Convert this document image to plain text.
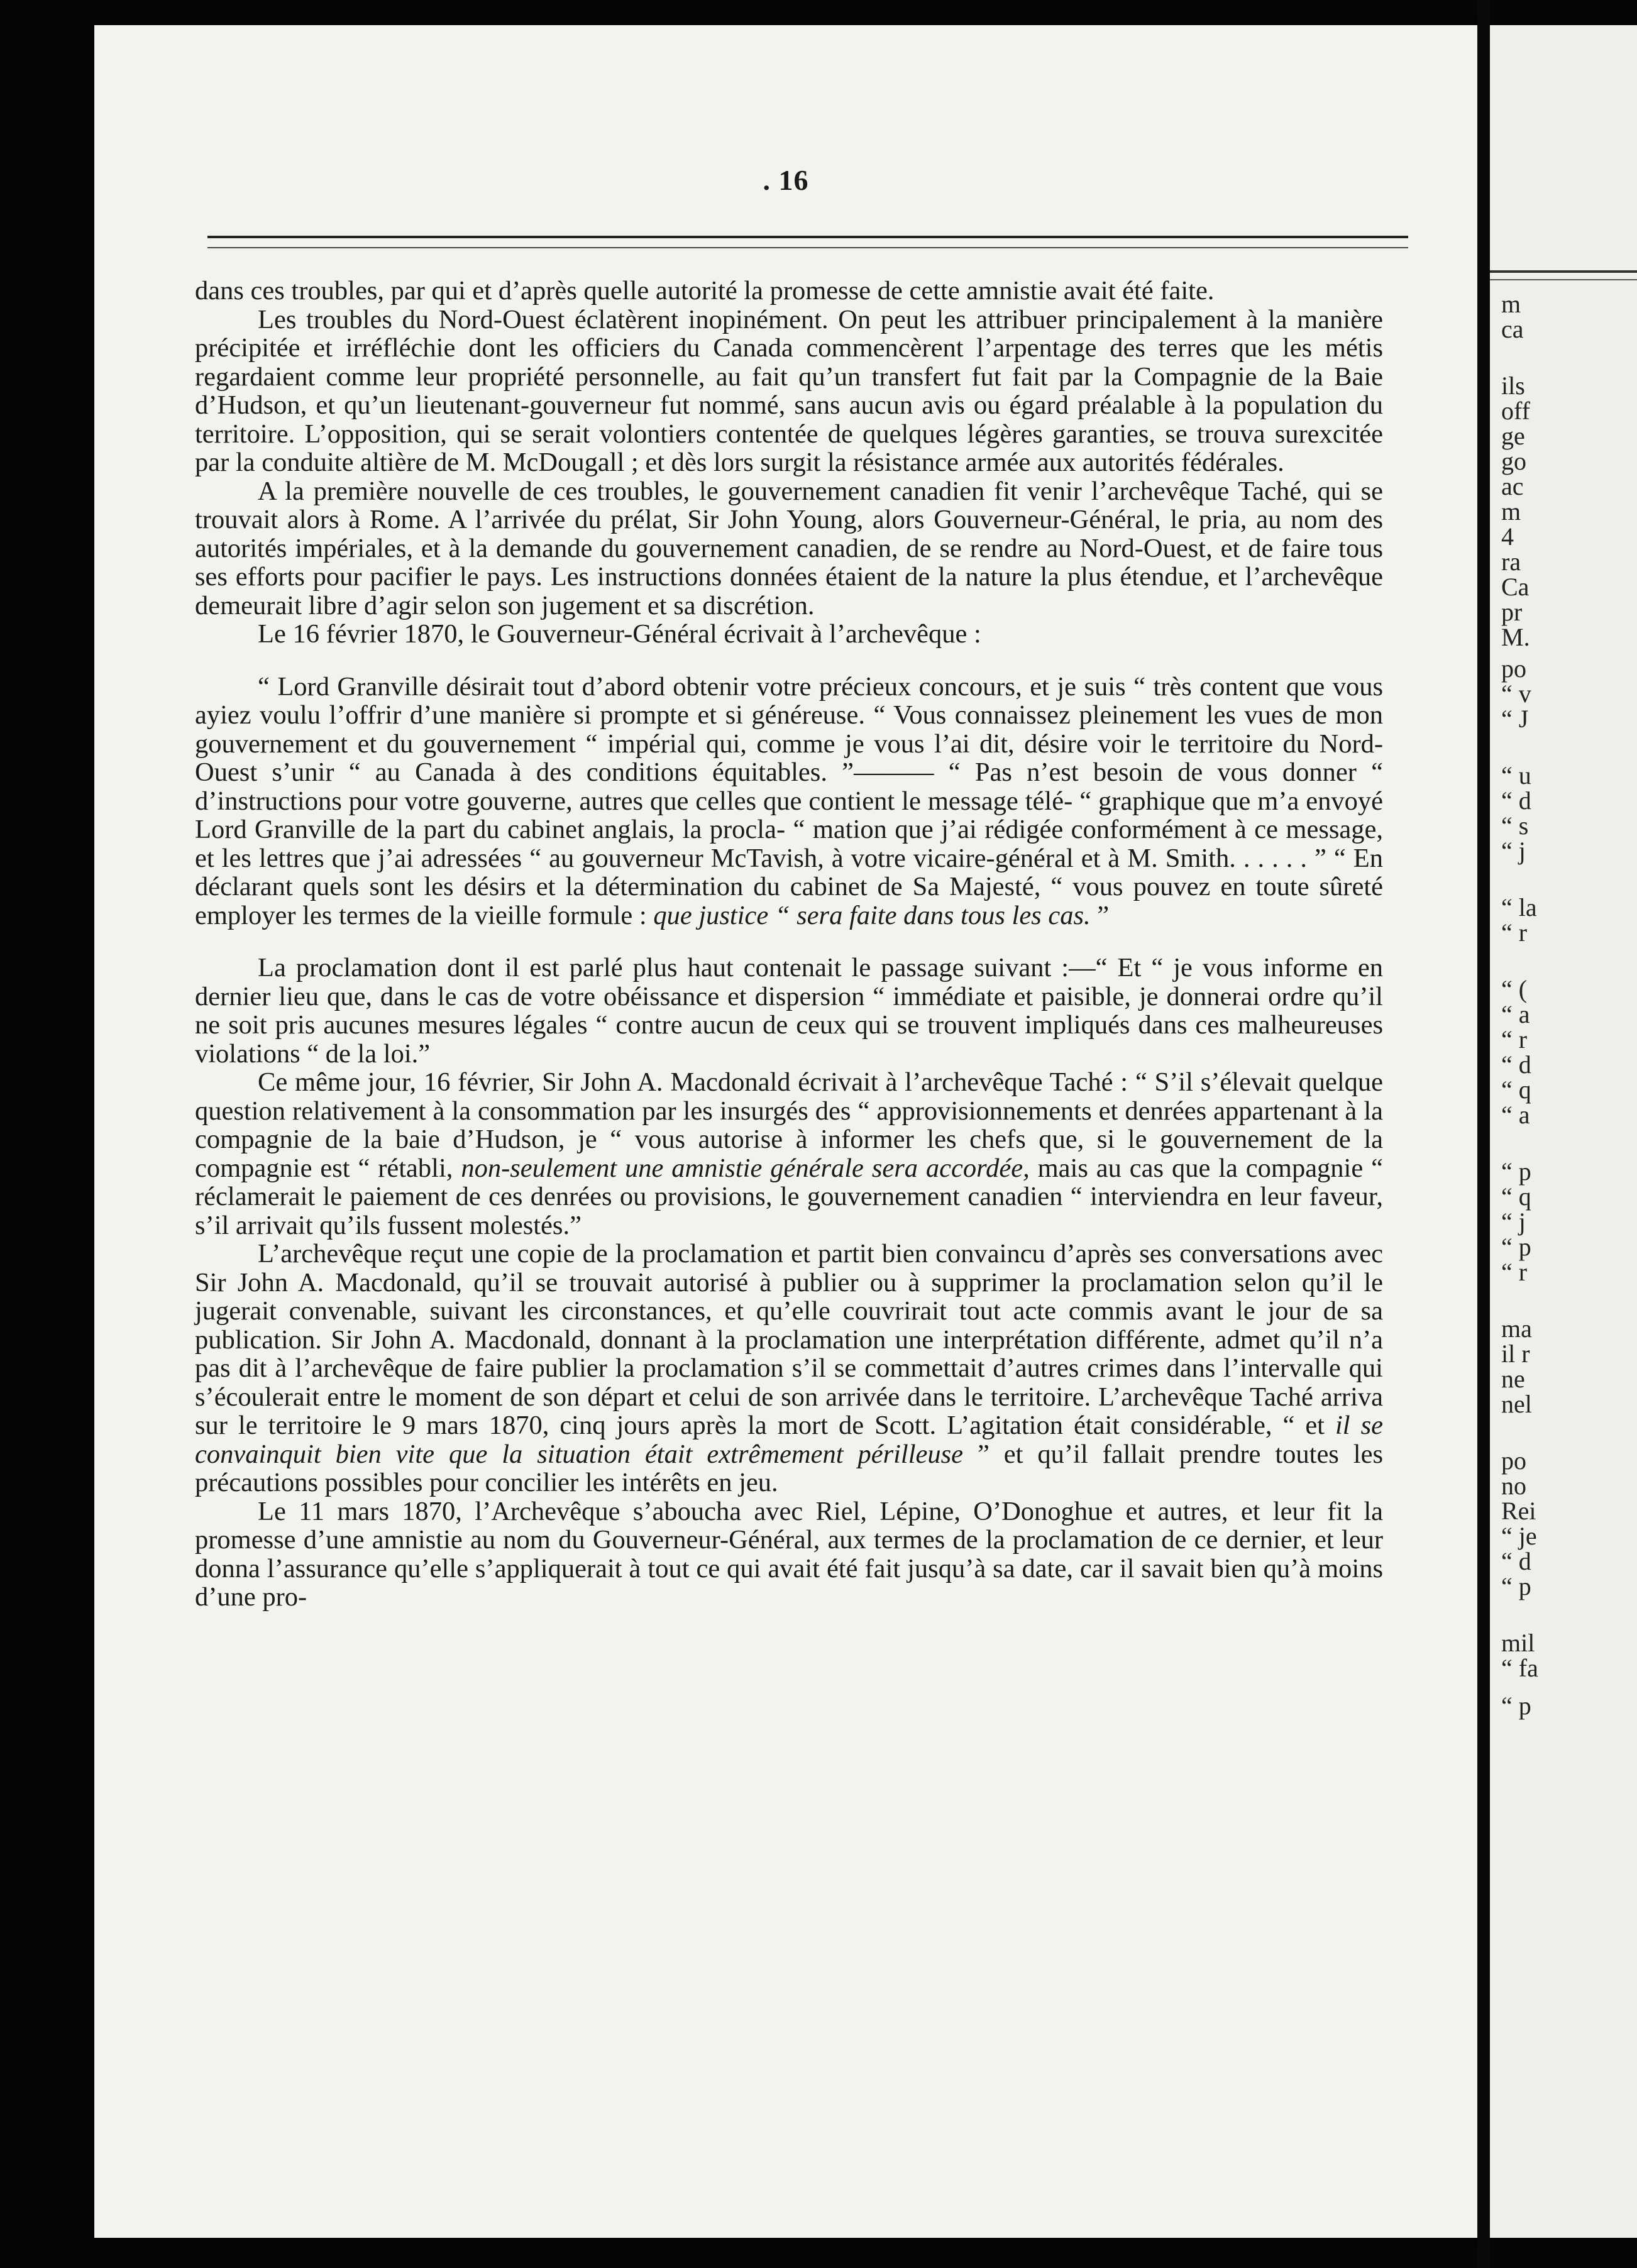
. 16

dans ces troubles, par qui et d’après quelle autorité la promesse de cette amnistie avait été faite.

Les troubles du Nord-Ouest éclatèrent inopinément. On peut les attribuer principalement à la manière précipitée et irréfléchie dont les officiers du Canada commencèrent l’arpentage des terres que les métis regardaient comme leur propriété personnelle, au fait qu’un transfert fut fait par la Compagnie de la Baie d’Hudson, et qu’un lieutenant-gouverneur fut nommé, sans aucun avis ou égard préalable à la population du territoire. L’opposition, qui se serait volontiers contentée de quelques légères garanties, se trouva surexcitée par la conduite altière de M. McDougall ; et dès lors surgit la résistance armée aux autorités fédérales.

A la première nouvelle de ces troubles, le gouvernement canadien fit venir l’archevêque Taché, qui se trouvait alors à Rome. A l’arrivée du prélat, Sir John Young, alors Gouverneur-Général, le pria, au nom des autorités impériales, et à la demande du gouvernement canadien, de se rendre au Nord-Ouest, et de faire tous ses efforts pour pacifier le pays. Les instructions données étaient de la nature la plus étendue, et l’archevêque demeurait libre d’agir selon son jugement et sa discrétion.

Le 16 février 1870, le Gouverneur-Général écrivait à l’archevêque :

“ Lord Granville désirait tout d’abord obtenir votre précieux concours, et je suis “ très content que vous ayiez voulu l’offrir d’une manière si prompte et si généreuse. “ Vous connaissez pleinement les vues de mon gouvernement et du gouvernement “ impérial qui, comme je vous l’ai dit, désire voir le territoire du Nord-Ouest s’unir “ au Canada à des conditions équitables. ”——— “ Pas n’est besoin de vous donner “ d’instructions pour votre gouverne, autres que celles que contient le message télé- “ graphique que m’a envoyé Lord Granville de la part du cabinet anglais, la procla- “ mation que j’ai rédigée conformément à ce message, et les lettres que j’ai adressées “ au gouverneur McTavish, à votre vicaire-général et à M. Smith. . . . . . ” “ En déclarant quels sont les désirs et la détermination du cabinet de Sa Majesté, “ vous pouvez en toute sûreté employer les termes de la vieille formule : que justice “ sera faite dans tous les cas. ”

La proclamation dont il est parlé plus haut contenait le passage suivant :—“ Et “ je vous informe en dernier lieu que, dans le cas de votre obéissance et dispersion “ immédiate et paisible, je donnerai ordre qu’il ne soit pris aucunes mesures légales “ contre aucun de ceux qui se trouvent impliqués dans ces malheureuses violations “ de la loi.”

Ce même jour, 16 février, Sir John A. Macdonald écrivait à l’archevêque Taché : “ S’il s’élevait quelque question relativement à la consommation par les insurgés des “ approvisionnements et denrées appartenant à la compagnie de la baie d’Hudson, je “ vous autorise à informer les chefs que, si le gouvernement de la compagnie est “ rétabli, non-seulement une amnistie générale sera accordée, mais au cas que la compagnie “ réclamerait le paiement de ces denrées ou provisions, le gouvernement canadien “ interviendra en leur faveur, s’il arrivait qu’ils fussent molestés.”

L’archevêque reçut une copie de la proclamation et partit bien convaincu d’après ses conversations avec Sir John A. Macdonald, qu’il se trouvait autorisé à publier ou à supprimer la proclamation selon qu’il le jugerait convenable, suivant les circonstances, et qu’elle couvrirait tout acte commis avant le jour de sa publication. Sir John A. Macdonald, donnant à la proclamation une interprétation différente, admet qu’il n’a pas dit à l’archevêque de faire publier la proclamation s’il se commettait d’autres crimes dans l’intervalle qui s’écoulerait entre le moment de son départ et celui de son arrivée dans le territoire. L’archevêque Taché arriva sur le territoire le 9 mars 1870, cinq jours après la mort de Scott. L’agitation était considérable, “ et il se convainquit bien vite que la situation était extrêmement périlleuse ” et qu’il fallait prendre toutes les précautions possibles pour concilier les intérêts en jeu.

Le 11 mars 1870, l’Archevêque s’aboucha avec Riel, Lépine, O’Donoghue et autres, et leur fit la promesse d’une amnistie au nom du Gouverneur-Général, aux termes de la proclamation de ce dernier, et leur donna l’assurance qu’elle s’appliquerait à tout ce qui avait été fait jusqu’à sa date, car il savait bien qu’à moins d’une pro-

m
ca
ils
off
ge
go
ac
m
4
ra
Ca
pr
M.
po
“ v
“ J
“ u
“ d
“ s
“ j
“ la
“ r
“ (
“ a
“ r
“ d
“ q
“ a
“ p
“ q
“ j
“ p
“ r
ma
il r
ne
nel
po
no
Rei
“ je
“ d
“ p
mil
“ fa
“ p
